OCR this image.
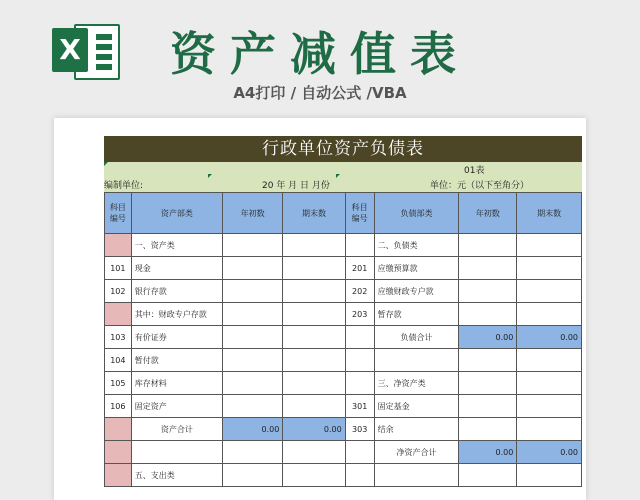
X	资产减值表
A4打印 / 自动公式 /VBA
行政单位资产负债表
01表
编制单位:	20 年 月 日 月份	单位：元（以下至角分）
科目编号	资产部类	年初数	期末数	科目编号	负债部类	年初数	期末数
	一、资产类				二、负债类		
101	现金			201	应缴预算款		
102	银行存款			202	应缴财政专户款		
	其中：财政专户存款			203	暂存款		
103	有价证券				负债合计	0.00	0.00
104	暂付款						
105	库存材料				三、净资产类		
106	固定资产			301	固定基金		
	资产合计	0.00	0.00	303	结余		
					净资产合计	0.00	0.00
	五、支出类						
